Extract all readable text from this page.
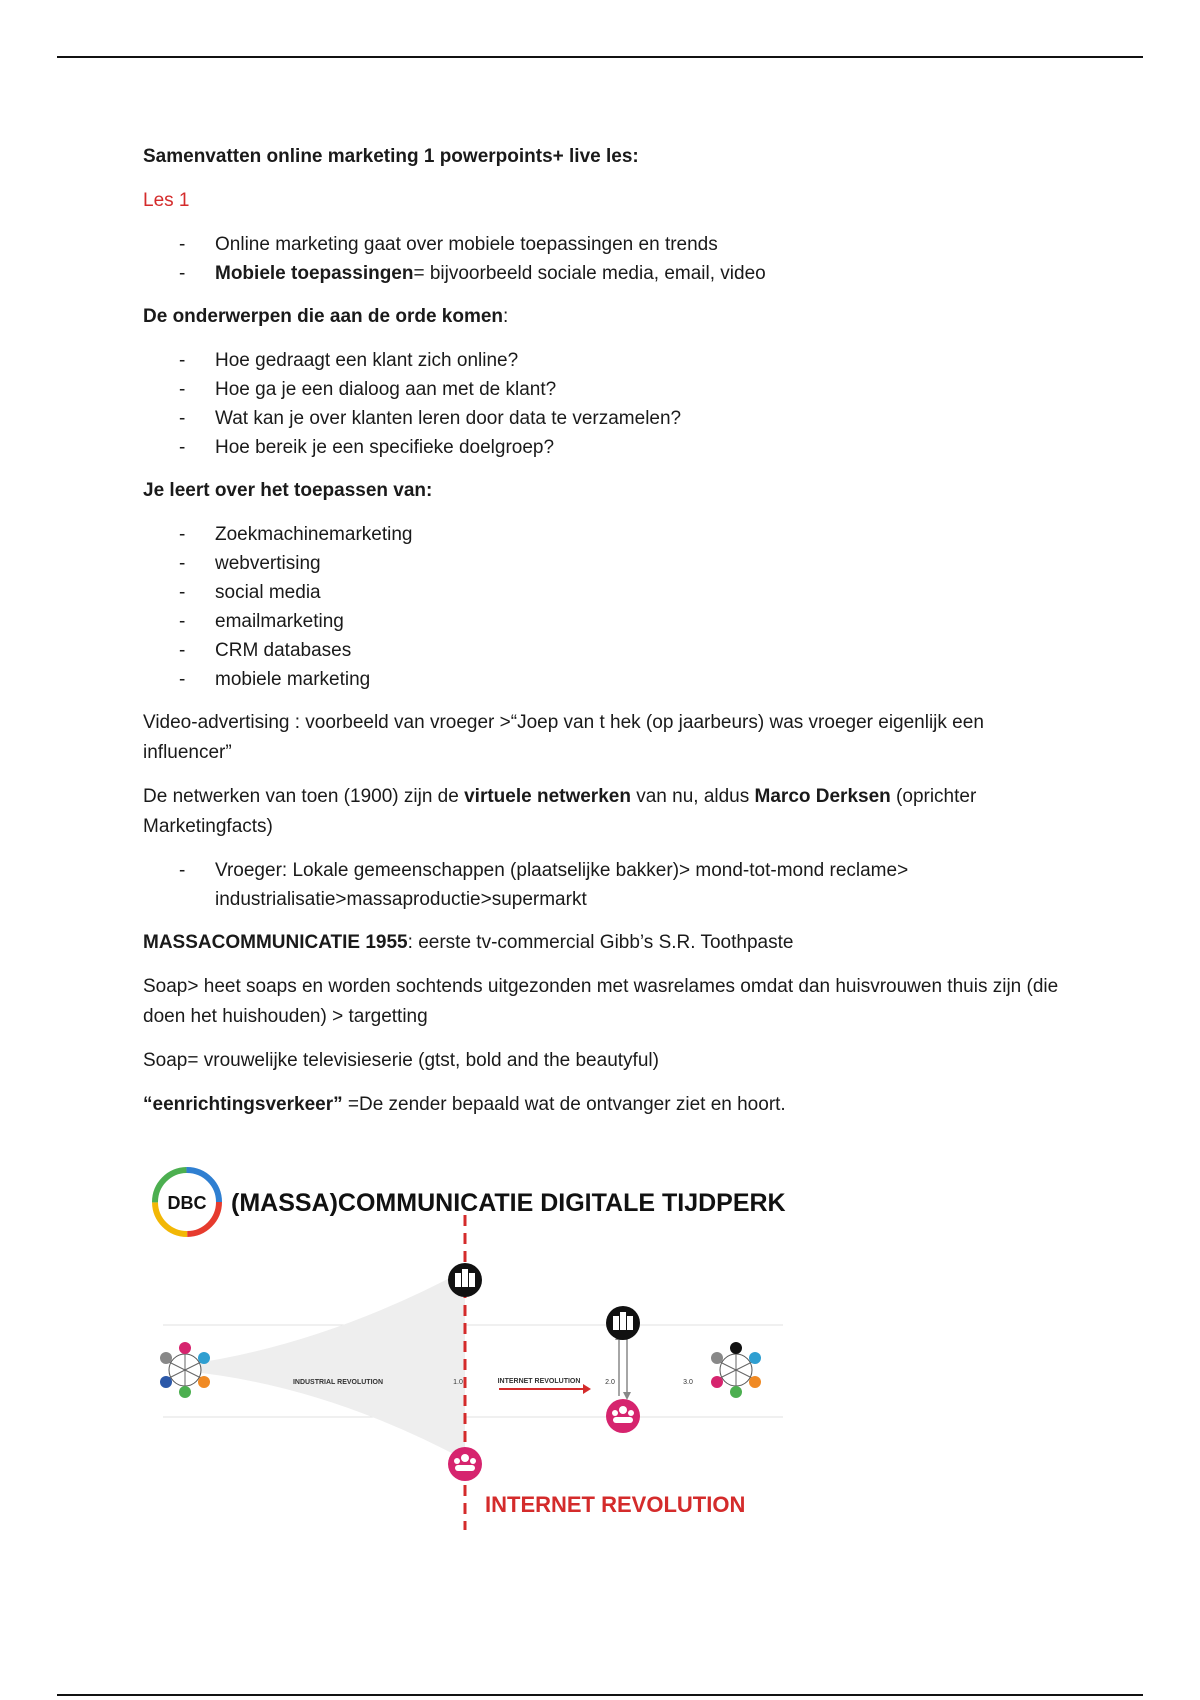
Samenvatten online marketing 1 powerpoints+ live les:

Les 1

- Online marketing gaat over mobiele toepassingen en trends
- Mobiele toepassingen= bijvoorbeeld sociale media, email, video

De onderwerpen die aan de orde komen:

- Hoe gedraagt een klant zich online?
- Hoe ga je een dialoog aan met de klant?
- Wat kan je over klanten leren door data te verzamelen?
- Hoe bereik je een specifieke doelgroep?

Je leert over het toepassen van:

- Zoekmachinemarketing
- webvertising
- social media
- emailmarketing
- CRM databases
- mobiele marketing

Video-advertising : voorbeeld van vroeger >“Joep van t hek (op jaarbeurs) was vroeger eigenlijk een influencer”

De netwerken van toen (1900) zijn de virtuele netwerken van nu, aldus Marco Derksen (oprichter Marketingfacts)

- Vroeger: Lokale gemeenschappen (plaatselijke bakker)> mond-tot-mond reclame> industrialisatie>massaproductie>supermarkt

MASSACOMMUNICATIE 1955: eerste tv-commercial Gibb’s S.R. Toothpaste

Soap> heet soaps en worden sochtends uitgezonden met wasrelames omdat dan huisvrouwen thuis zijn (die doen het huishouden) > targetting

Soap= vrouwelijke televisieserie (gtst, bold and the beautyful)

“eenrichtingsverkeer” =De zender bepaald wat de ontvanger ziet en hoort.

DBC (MASSA)COMMUNICATIE DIGITALE TIJDPERK
INDUSTRIAL REVOLUTION	1.0	INTERNET REVOLUTION	2.0	3.0
INTERNET REVOLUTION
